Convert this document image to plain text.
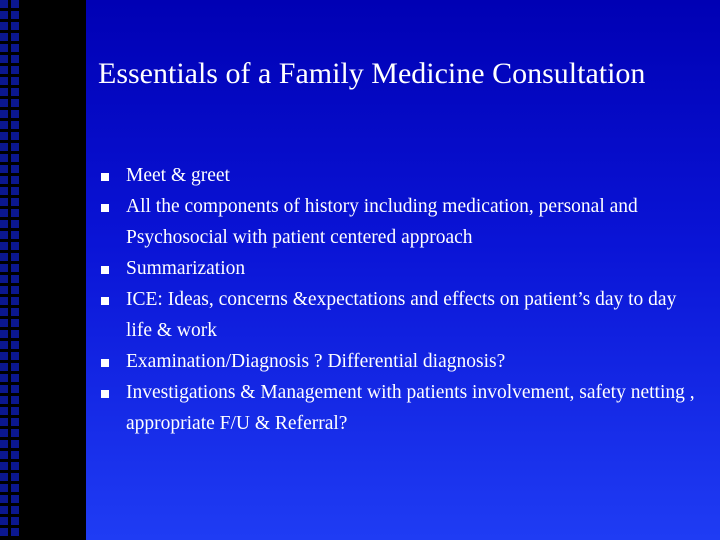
Essentials of a Family Medicine Consultation
Meet & greet
All the components of history including medication, personal and Psychosocial with patient centered approach
Summarization
ICE: Ideas, concerns &expectations and effects on patient’s day to day life & work
Examination/Diagnosis ? Differential diagnosis?
Investigations & Management with patients involvement, safety netting , appropriate F/U & Referral?
